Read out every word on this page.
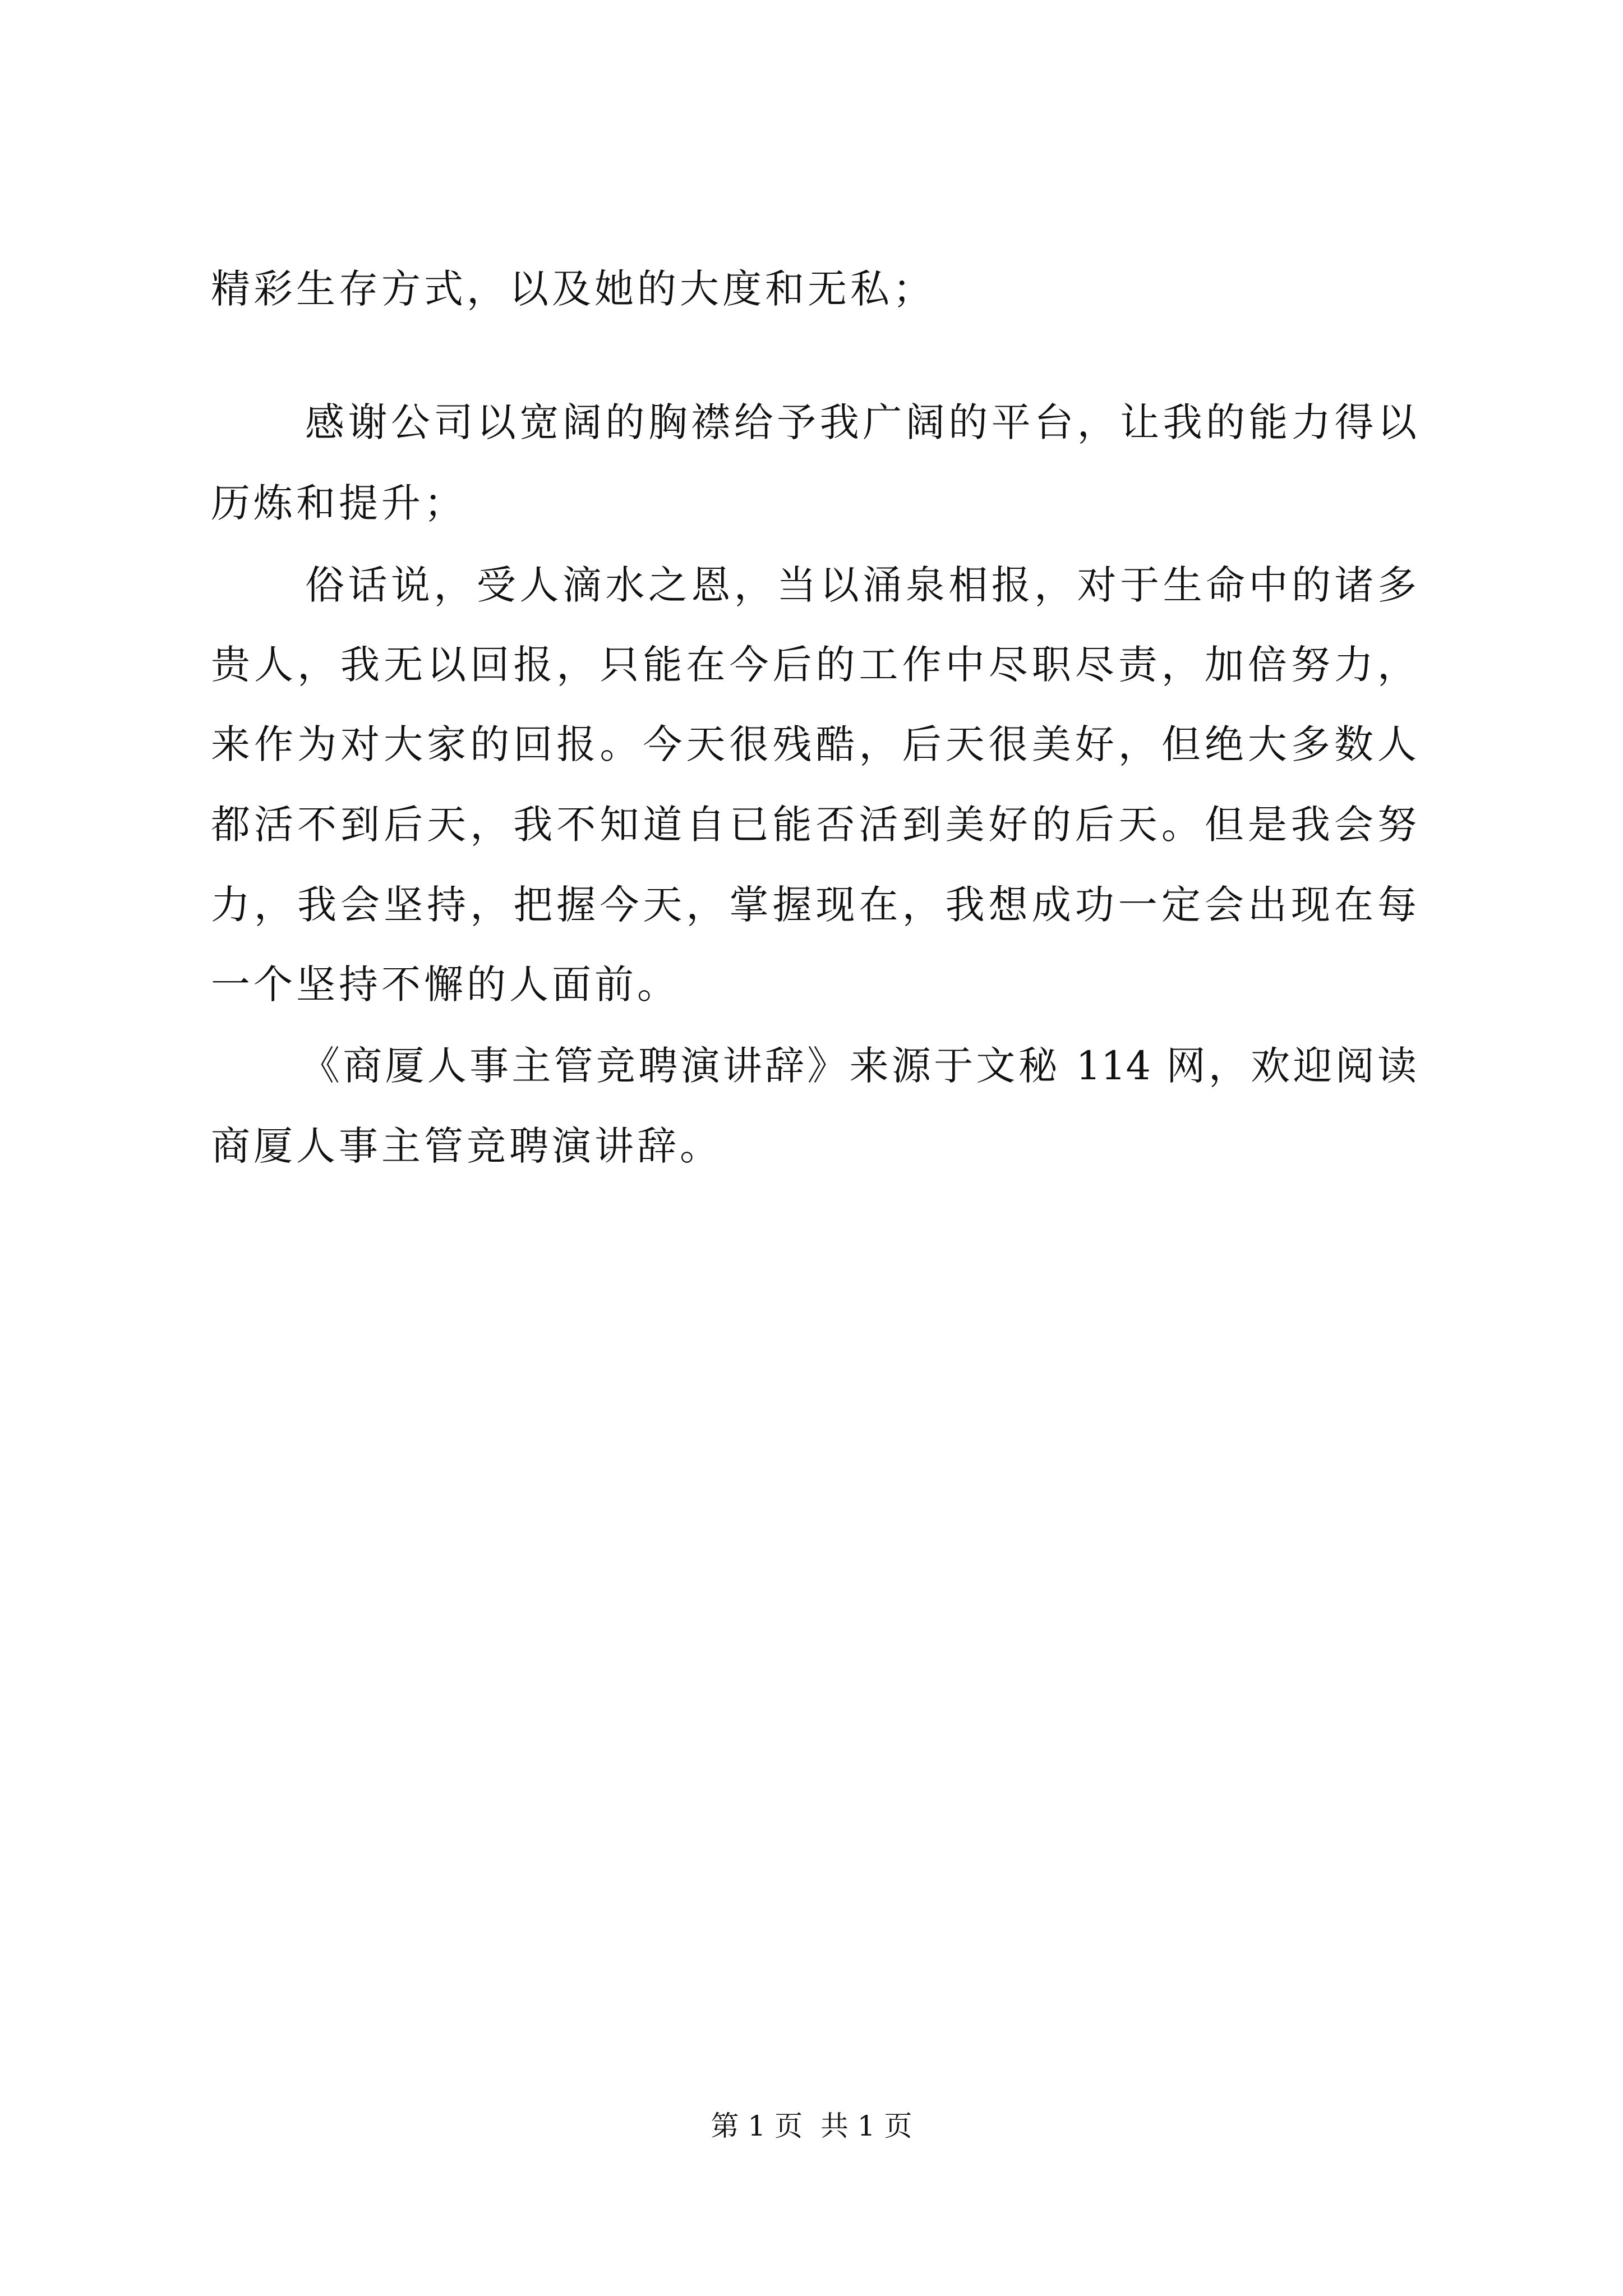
精彩生存方式，以及她的大度和无私；
感谢公司以宽阔的胸襟给予我广阔的平台，让我的能力得以
历炼和提升；
俗话说，受人滴水之恩，当以涌泉相报，对于生命中的诸多
贵人，我无以回报，只能在今后的工作中尽职尽责，加倍努力，
来作为对大家的回报。今天很残酷，后天很美好，但绝大多数人
都活不到后天，我不知道自已能否活到美好的后天。但是我会努
力，我会坚持，把握今天，掌握现在，我想成功一定会出现在每
一个坚持不懈的人面前。
《商厦人事主管竞聘演讲辞》来源于文秘 114 网，欢迎阅读
商厦人事主管竞聘演讲辞。
第 1 页  共 1 页
